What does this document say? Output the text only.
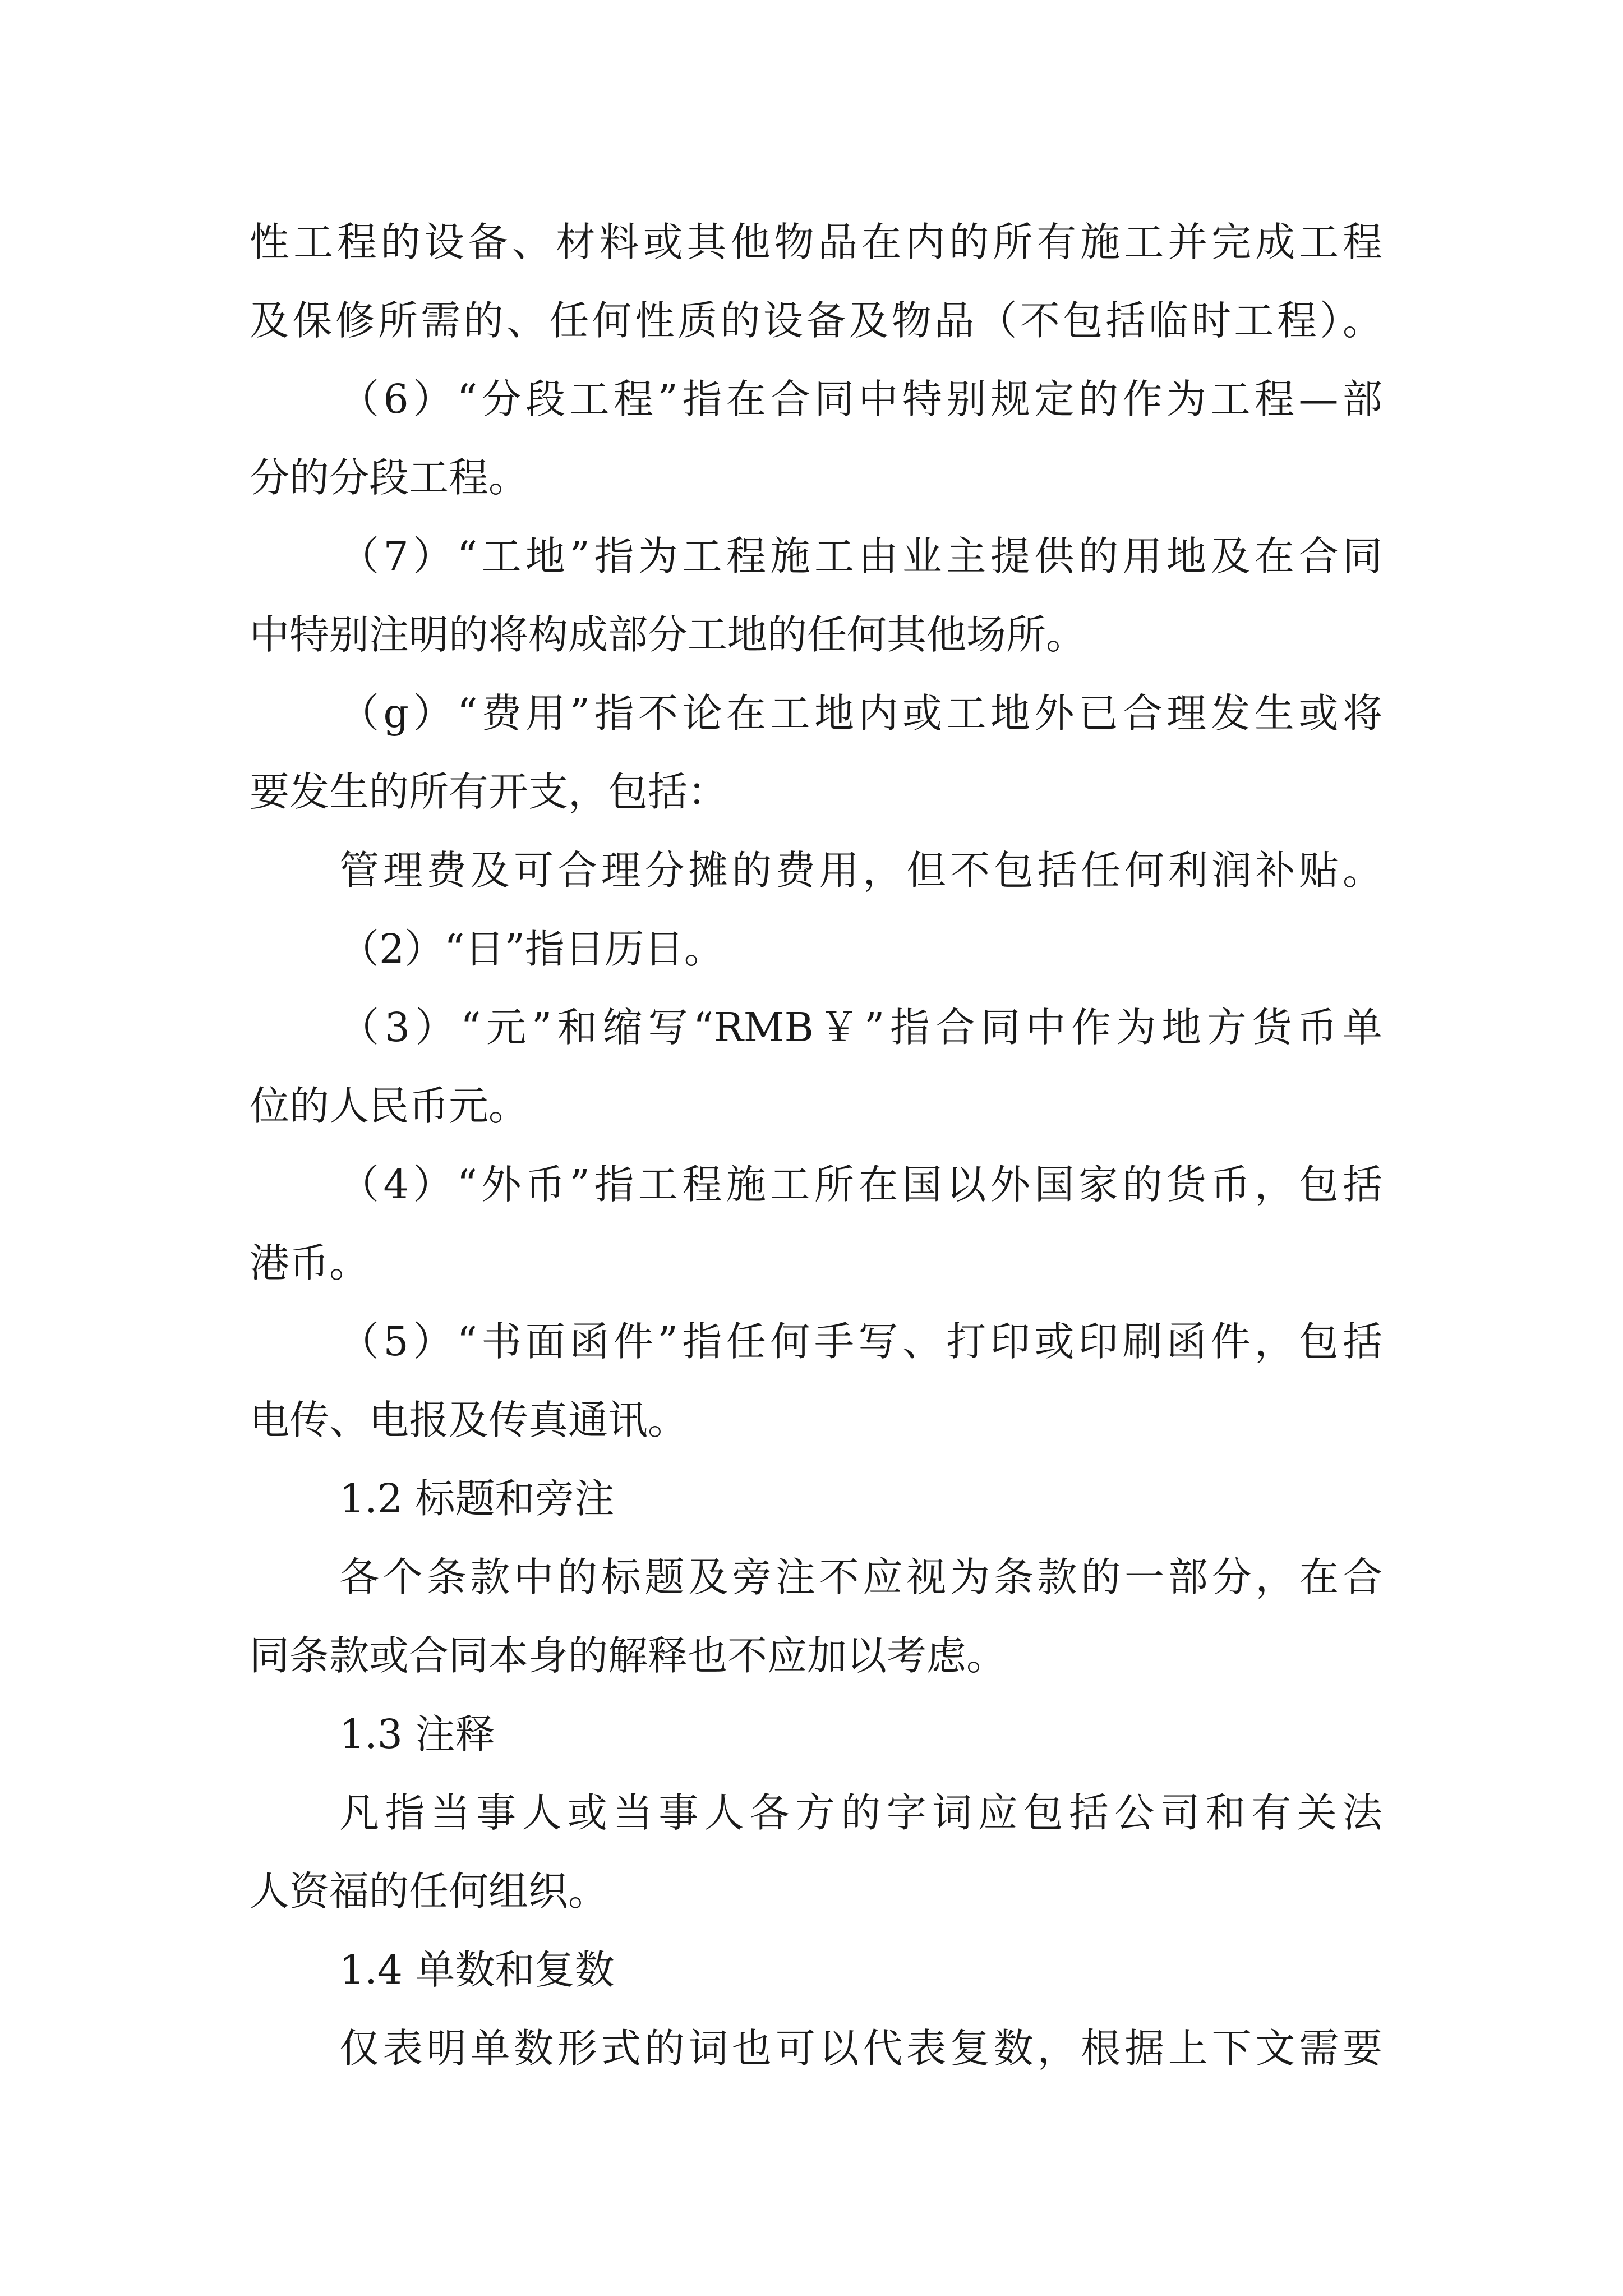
性工程的设备、材料或其他物品在内的所有施工并完成工程
及保修所需的、任何性质的设备及物品（不包括临时工程）。
（6）“分段工程”指在合同中特别规定的作为工程—部
分的分段工程。
（7）“工地”指为工程施工由业主提供的用地及在合同
中特别注明的将构成部分工地的任何其他场所。
（g）“费用”指不论在工地内或工地外已合理发生或将
要发生的所有开支，包括：
管理费及可合理分摊的费用，但不包括任何利润补贴。
（2）“日”指日历日。
（3）“元”和缩写“RMB￥”指合同中作为地方货币单
位的人民币元。
（4）“外币”指工程施工所在国以外国家的货币，包括
港币。
（5）“书面函件”指任何手写、打印或印刷函件，包括
电传、电报及传真通讯。
1.2 标题和旁注
各个条款中的标题及旁注不应视为条款的一部分，在合
同条款或合同本身的解释也不应加以考虑。
1.3 注释
凡指当事人或当事人各方的字词应包括公司和有关法
人资福的任何组织。
1.4 单数和复数
仅表明单数形式的词也可以代表复数，根据上下文需要
